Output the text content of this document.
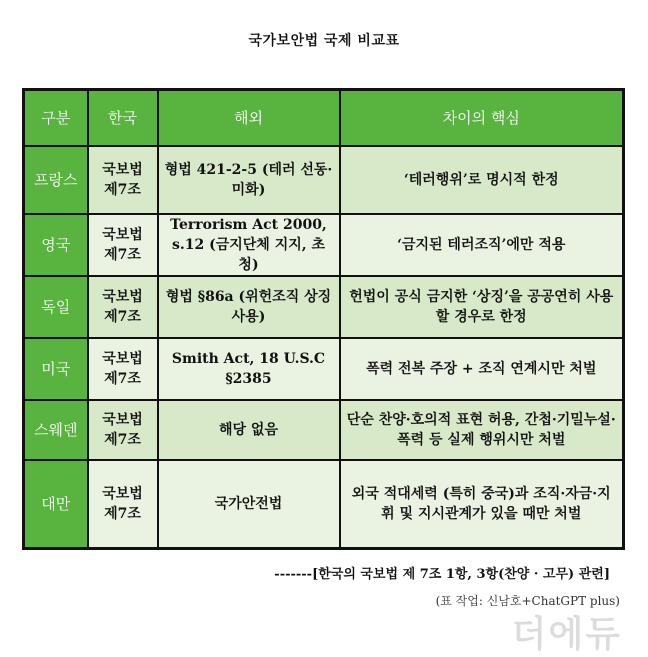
국가보안법 국제 비교표
구분	한국	해외	차이의 핵심
프랑스	국보법 제7조	형법 421-2-5 (테러 선동·미화)	‘테러행위’로 명시적 한정
영국	국보법 제7조	Terrorism Act 2000, s.12 (금지단체 지지, 초청)	‘금지된 테러조직’에만 적용
독일	국보법 제7조	형법 §86a (위헌조직 상징 사용)	헌법이 공식 금지한 ‘상징’을 공공연히 사용할 경우로 한정
미국	국보법 제7조	Smith Act, 18 U.S.C §2385	폭력 전복 주장 + 조직 연계시만 처벌
스웨덴	국보법 제7조	해당 없음	단순 찬양·호의적 표현 허용, 간첩·기밀누설·폭력 등 실제 행위시만 처벌
대만	국보법 제7조	국가안전법	외국 적대세력 (특히 중국)과 조직·자금·지휘 및 지시관계가 있을 때만 처벌
-------[한국의 국보법 제 7조 1항, 3항(찬양 · 고무) 관련]
(표 작업: 신남호+ChatGPT plus)
더에듀
